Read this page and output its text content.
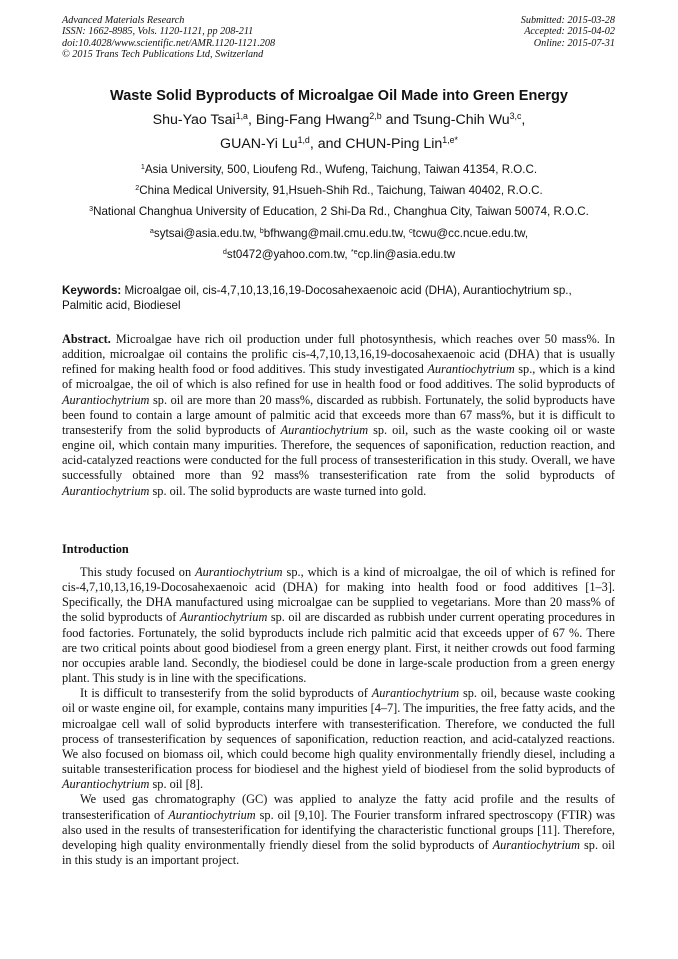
Advanced Materials Research
ISSN: 1662-8985, Vols. 1120-1121, pp 208-211
doi:10.4028/www.scientific.net/AMR.1120-1121.208
© 2015 Trans Tech Publications Ltd, Switzerland
Submitted: 2015-03-28
Accepted: 2015-04-02
Online: 2015-07-31
Waste Solid Byproducts of Microalgae Oil Made into Green Energy
Shu-Yao Tsai$^{1,a}$, Bing-Fang Hwang$^{2,b}$ and Tsung-Chih Wu$^{3,c}$,
GUAN-Yi Lu$^{1,d}$, and CHUN-Ping Lin$^{1,e*}$
$^1$Asia University, 500, Lioufeng Rd., Wufeng, Taichung, Taiwan 41354, R.O.C.
$^2$China Medical University, 91,Hsueh-Shih Rd., Taichung, Taiwan 40402, R.O.C.
$^3$National Changhua University of Education, 2 Shi-Da Rd., Changhua City, Taiwan 50074, R.O.C.
$^a$sytsai@asia.edu.tw, $^b$bfhwang@mail.cmu.edu.tw, $^c$tcwu@cc.ncue.edu.tw,
$^d$st0472@yahoo.com.tw, $^{*e}$cp.lin@asia.edu.tw
Keywords: Microalgae oil, cis-4,7,10,13,16,19-Docosahexaenoic acid (DHA), Aurantiochytrium sp., Palmitic acid, Biodiesel
Abstract. Microalgae have rich oil production under full photosynthesis, which reaches over 50 mass%. In addition, microalgae oil contains the prolific cis-4,7,10,13,16,19-docosahexaenoic acid (DHA) that is usually refined for making health food or food additives. This study investigated Aurantiochytrium sp., which is a kind of microalgae, the oil of which is also refined for use in health food or food additives. The solid byproducts of Aurantiochytrium sp. oil are more than 20 mass%, discarded as rubbish. Fortunately, the solid byproducts have been found to contain a large amount of palmitic acid that exceeds more than 67 mass%, but it is difficult to transesterify from the solid byproducts of Aurantiochytrium sp. oil, such as the waste cooking oil or waste engine oil, which contain many impurities. Therefore, the sequences of saponification, reduction reaction, and acid-catalyzed reactions were conducted for the full process of transesterification in this study. Overall, we have successfully obtained more than 92 mass% transesterification rate from the solid byproducts of Aurantiochytrium sp. oil. The solid byproducts are waste turned into gold.
Introduction

This study focused on Aurantiochytrium sp., which is a kind of microalgae, the oil of which is refined for cis-4,7,10,13,16,19-Docosahexaenoic acid (DHA) for making into health food or food additives [1–3]. Specifically, the DHA manufactured using microalgae can be supplied to vegetarians. More than 20 mass% of the solid byproducts of Aurantiochytrium sp. oil are discarded as rubbish under current operating procedures in food factories. Fortunately, the solid byproducts include rich palmitic acid that exceeds upper of 67 %. There are two critical points about good biodiesel from a green energy plant. First, it neither crowds out food farming nor occupies arable land. Secondly, the biodiesel could be done in large-scale production from a green energy plant. This study is in line with the specifications.

It is difficult to transesterify from the solid byproducts of Aurantiochytrium sp. oil, because waste cooking oil or waste engine oil, for example, contains many impurities [4–7]. The impurities, the free fatty acids, and the microalgae cell wall of solid byproducts interfere with transesterification. Therefore, we conducted the full process of transesterification by sequences of saponification, reduction reaction, and acid-catalyzed reactions. We also focused on biomass oil, which could become high quality environmentally friendly diesel, including a suitable transesterification process for biodiesel and the highest yield of biodiesel from the solid byproducts of Aurantiochytrium sp. oil [8].

We used gas chromatography (GC) was applied to analyze the fatty acid profile and the results of transesterification of Aurantiochytrium sp. oil [9,10]. The Fourier transform infrared spectroscopy (FTIR) was also used in the results of transesterification for identifying the characteristic functional groups [11]. Therefore, developing high quality environmentally friendly diesel from the solid byproducts of Aurantiochytrium sp. oil in this study is an important project.
